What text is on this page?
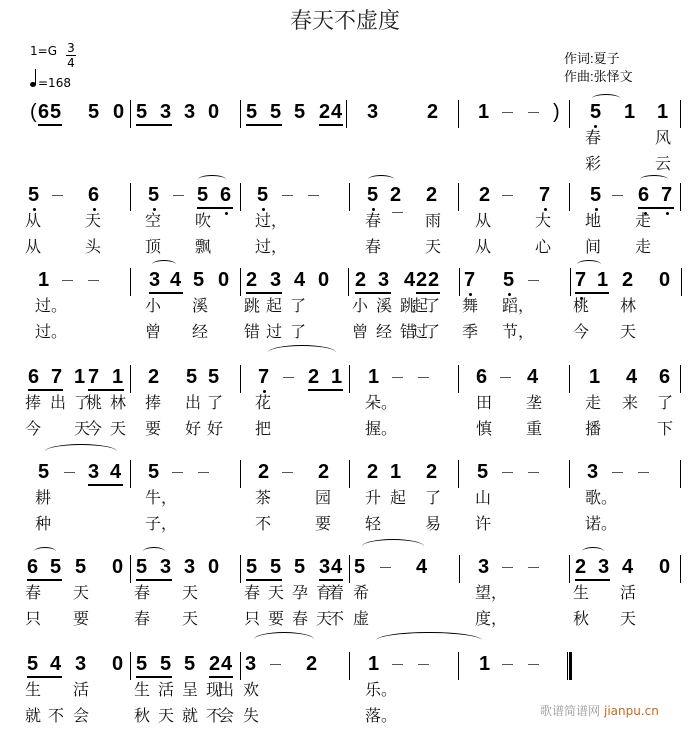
春天不虚度
1=G 3
4
=168
作词:夏子
作曲:张怿文
( 6 5 5 0 5 3 3 0 5 5 5 2 4 3 2 1	) 5 1 1
春	风
彩	云
5 6 5 5 6 5	5 2 2 2 7 5 6 7
从	天	空 吹	过，	春	雨 从	大 地 走
从	头	顶 飘	过，	春	天 从	心 间 走
1	3 4 5 0 2 3 4 0 2 3 4 2 2 7 5	7 1 2 0
过。	小 溪 跳 起 了	小 溪 跳起了 舞 蹈， 桃 林
过。	曾 经 错 过 了	曾 经 错过了 季 节， 今 天
6 7 1 7 1 2 5 5 7 2 1 1	6 4	1 4 6
捧 出 了桃 林 捧 出 了 花	朵。	田 垄	走 来 了
今 天今 天 要 好 好 把	握。	慎 重	播	下
5 3 4 5	2 2 2 1 2 5	3
耕	牛，	茶	园 升 起 了 山	歌。
种	子，	不	要 轻	易 许	诺。
6 5 5 0 5 3 3 0 5 5 5 3 4 5	4	3	2 3 4 0
春 天	春 天	春 天 孕 育着 希	望，	生 活
只 要	春 天	只 要 春 天不 虚	度，	秋 天
5 4 3 0 5 5 5 2 4 3 2	1	1
生 活	生 活 呈 现出 欢	乐。
就 不 会	秋 天 就 不会 失	落。	歌谱简谱网 jianpu.cn
